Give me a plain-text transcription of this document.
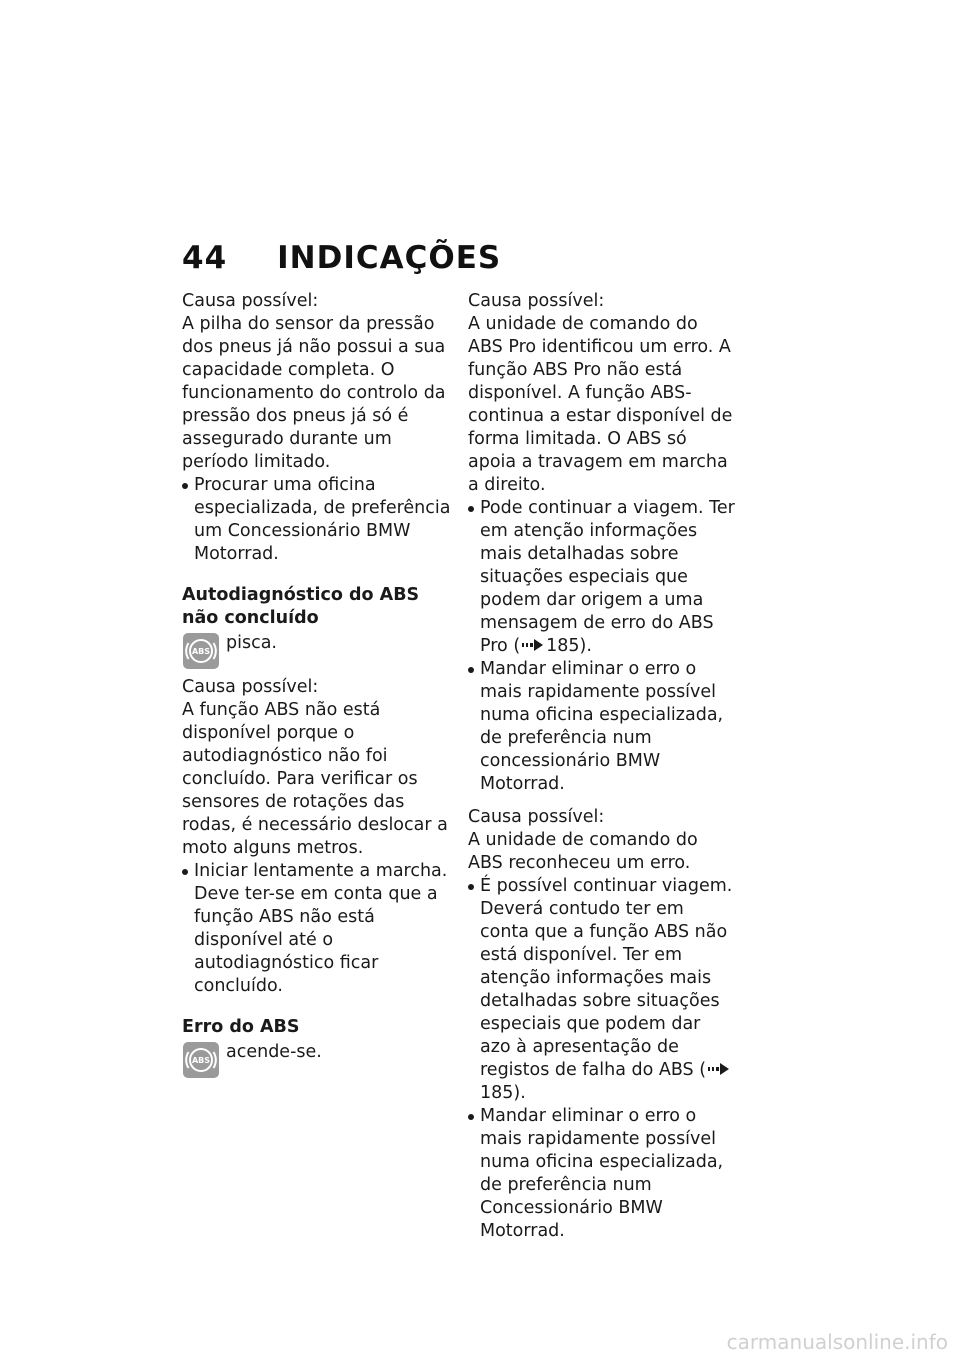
44 INDICAÇÕES

Causa possível:

A pilha do sensor da pressão dos pneus já não possui a sua capacidade completa. O funcionamento do controlo da pressão dos pneus já só é assegurado durante um período limitado.

Procurar uma oficina especializada, de preferência um Concessionário BMW Motorrad.

Autodiagnóstico do ABS não concluído

ABS pisca.

Causa possível:

A função ABS não está disponível porque o autodiagnóstico não foi concluído. Para verificar os sensores de rotações das rodas, é necessário deslocar a moto alguns metros.

Iniciar lentamente a marcha. Deve ter-se em conta que a função ABS não está disponível até o autodiagnóstico ficar concluído.

Erro do ABS

ABS acende-se.

Causa possível:

A unidade de comando do ABS Pro identificou um erro. A função ABS Pro não está disponível. A função ABS-continua a estar disponível de forma limitada. O ABS só apoia a travagem em marcha a direito.

Pode continuar a viagem. Ter em atenção informações mais detalhadas sobre situações especiais que podem dar origem a uma mensagem de erro do ABS Pro ( 185).

Mandar eliminar o erro o mais rapidamente possível numa oficina especializada, de preferência num concessionário BMW Motorrad.

Causa possível:

A unidade de comando do ABS reconheceu um erro.

É possível continuar viagem. Deverá contudo ter em conta que a função ABS não está disponível. Ter em atenção informações mais detalhadas sobre situações especiais que podem dar azo à apresentação de registos de falha do ABS (185).

Mandar eliminar o erro o mais rapidamente possível numa oficina especializada, de preferência num Concessionário BMW Motorrad.

carmanualsonline.info
